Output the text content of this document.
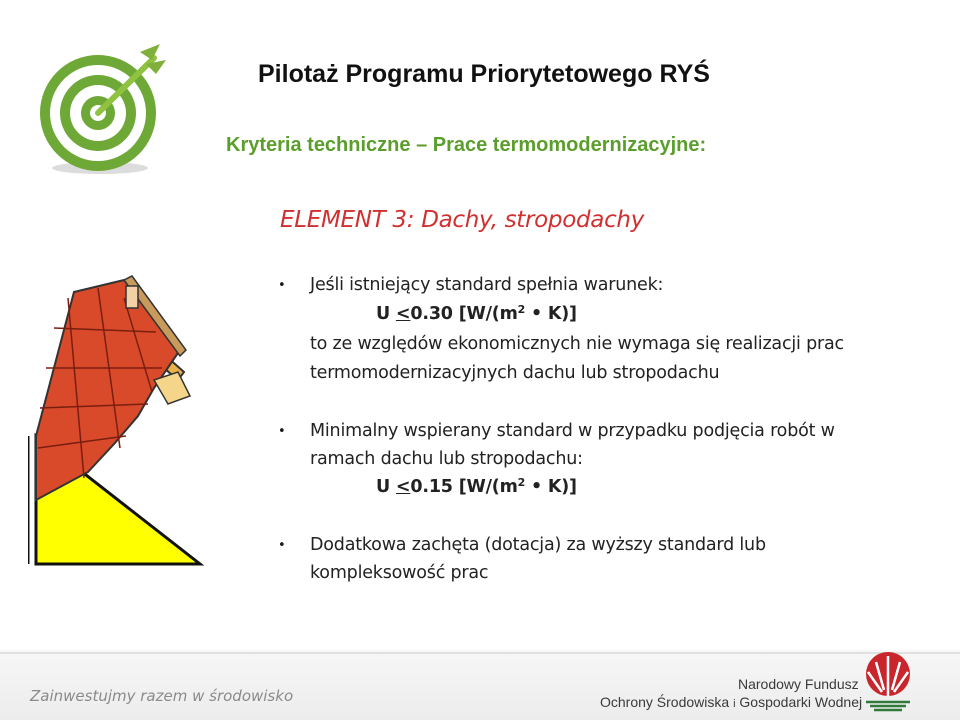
Pilotaż Programu Priorytetowego RYŚ
Kryteria techniczne – Prace termomodernizacyjne:
ELEMENT 3: Dachy, stropodachy
• Jeśli istniejący standard spełnia warunek:
U <0.30 [$W/(m^2$ • K)]
to ze względów ekonomicznych nie wymaga się realizacji prac
termomodernizacyjnych dachu lub stropodachu
• Minimalny wspierany standard w przypadku podjęcia robót w
ramach dachu lub stropodachu:
U <0.15 [$W/(m^2$ • K)]
• Dodatkowa zachęta (dotacja) za wyższy standard lub
kompleksowość prac
Zainwestujmy razem w środowisko
Narodowy Fundusz
Ochrony Środowiska i Gospodarki Wodnej
